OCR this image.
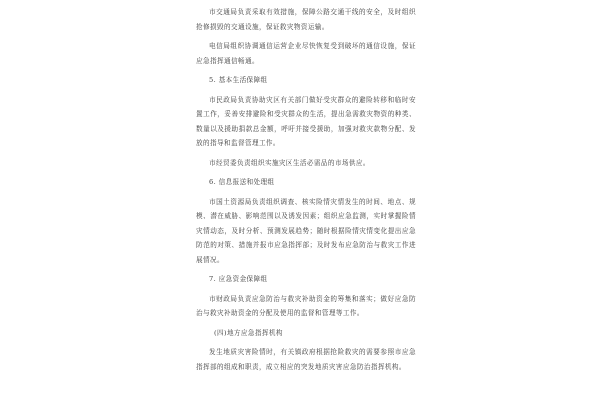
市交通局负责采取有效措施，保障公路交通干线的安全，及时组织抢修损毁的交通设施，保证救灾物资运输。

电信局组织协调通信运营企业尽快恢复受到破坏的通信设施，保证应急指挥通信畅通。

5. 基本生活保障组

市民政局负责协助灾区有关部门做好受灾群众的避险转移和临时安置工作，妥善安排避险和受灾群众的生活，提出急需救灾物资的种类、数量以及援助捐款总金额，呼吁并接受援助，加强对救灾款物分配、发放的指导和监督管理工作。

市经贸委负责组织实施灾区生活必需品的市场供应。

6. 信息报送和处理组

市国土资源局负责组织调查、核实险情灾情发生的时间、地点、规模、潜在威胁、影响范围以及诱发因素；组织应急监测，实时掌握险情灾情动态，及时分析、预测发展趋势；随时根据险情灾情变化提出应急防范的对策、措施并报市应急指挥部；及时发布应急防治与救灾工作进展情况。

7. 应急资金保障组

市财政局负责应急防治与救灾补助资金的筹集和落实；做好应急防治与救灾补助资金的分配及使用的监督和管理等工作。

(四)地方应急指挥机构

发生地质灾害险情时，有关镇政府根据抢险救灾的需要参照市应急指挥部的组成和职责，成立相应的突发地质灾害应急防治指挥机构。
